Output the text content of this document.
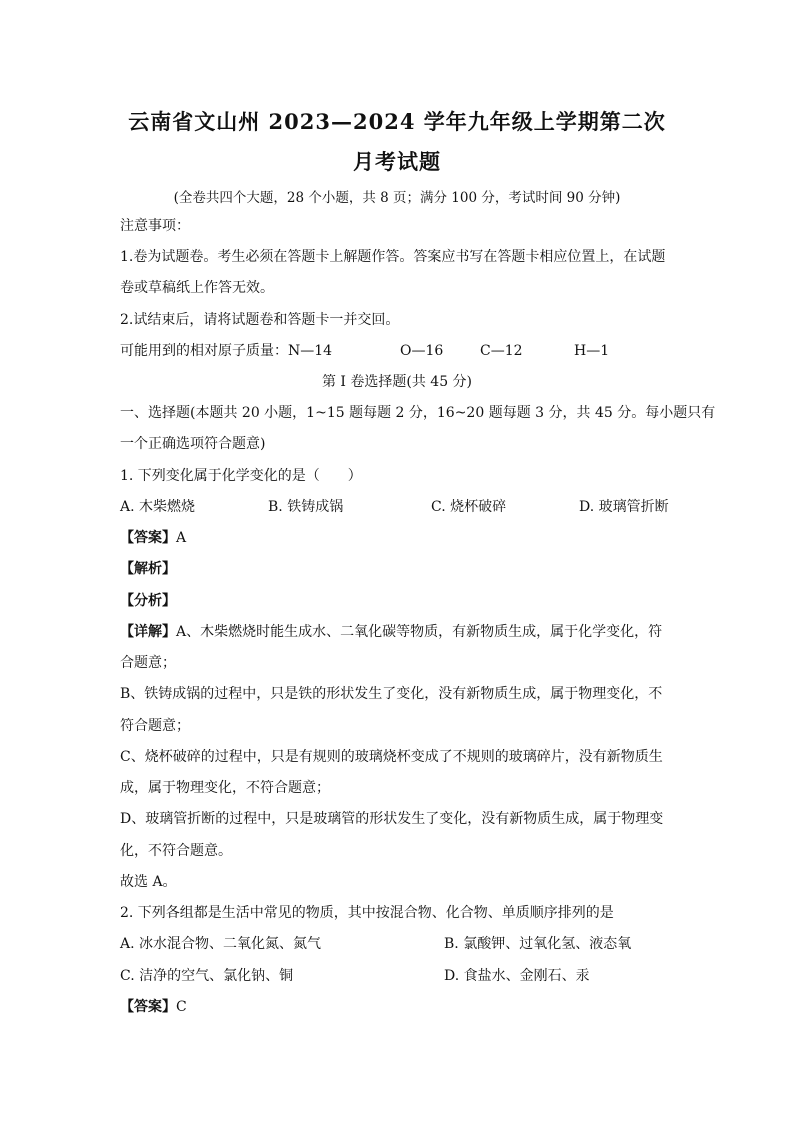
云南省文山州 2023—2024 学年九年级上学期第二次
月考试题
(全卷共四个大题，28 个小题，共 8 页；满分 100 分，考试时间 90 分钟)
注意事项：
1.卷为试题卷。考生必须在答题卡上解题作答。答案应书写在答题卡相应位置上，在试题
卷或草稿纸上作答无效。
2.试结束后，请将试题卷和答题卡一并交回。
可能用到的相对原子质量：N—14	O—16	C—12	H—1
第 I 卷选择题(共 45 分)
一、选择题(本题共 20 小题，1~15 题每题 2 分，16~20 题每题 3 分，共 45 分。每小题只有
一个正确选项符合题意)
1. 下列变化属于化学变化的是（　　）
A. 木柴燃烧	B. 铁铸成锅	C. 烧杯破碎	D. 玻璃管折断
【答案】A
【解析】
【分析】
【详解】A、木柴燃烧时能生成水、二氧化碳等物质，有新物质生成，属于化学变化，符
合题意；
B、铁铸成锅的过程中，只是铁的形状发生了变化，没有新物质生成，属于物理变化，不
符合题意；
C、烧杯破碎的过程中，只是有规则的玻璃烧杯变成了不规则的玻璃碎片，没有新物质生
成，属于物理变化，不符合题意；
D、玻璃管折断的过程中，只是玻璃管的形状发生了变化，没有新物质生成，属于物理变
化，不符合题意。
故选 A。
2. 下列各组都是生活中常见的物质，其中按混合物、化合物、单质顺序排列的是
A. 冰水混合物、二氧化氮、氮气	B. 氯酸钾、过氧化氢、液态氧
C. 洁净的空气、氯化钠、铜	D. 食盐水、金刚石、汞
【答案】C
